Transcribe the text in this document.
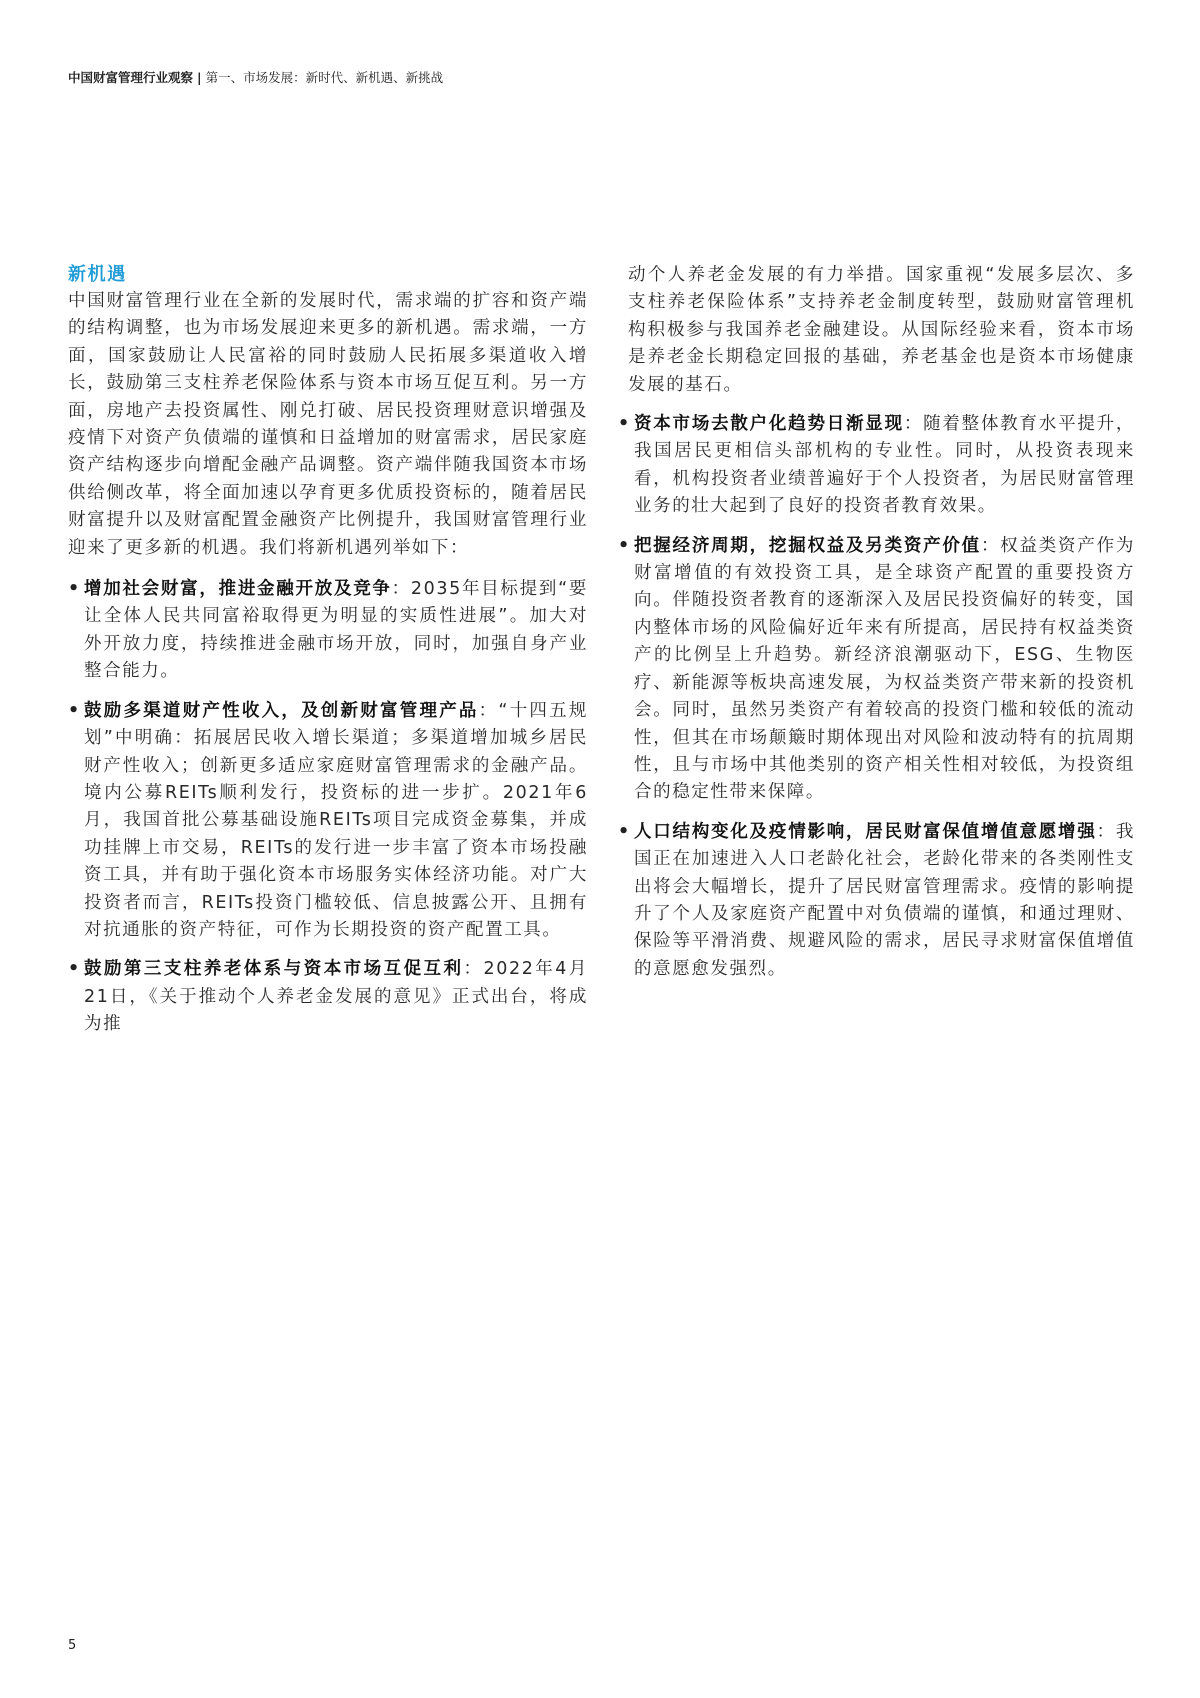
中国财富管理行业观察 | 第一、市场发展：新时代、新机遇、新挑战
新机遇

中国财富管理行业在全新的发展时代，需求端的扩容和资产端的结构调整，也为市场发展迎来更多的新机遇。需求端，一方面，国家鼓励让人民富裕的同时鼓励人民拓展多渠道收入增长，鼓励第三支柱养老保险体系与资本市场互促互利。另一方面，房地产去投资属性、刚兑打破、居民投资理财意识增强及疫情下对资产负债端的谨慎和日益增加的财富需求，居民家庭资产结构逐步向增配金融产品调整。资产端伴随我国资本市场供给侧改革，将全面加速以孕育更多优质投资标的，随着居民财富提升以及财富配置金融资产比例提升，我国财富管理行业迎来了更多新的机遇。我们将新机遇列举如下：

• 增加社会财富，推进金融开放及竞争：2035年目标提到“要让全体人民共同富裕取得更为明显的实质性进展”。加大对外开放力度，持续推进金融市场开放，同时，加强自身产业整合能力。
• 鼓励多渠道财产性收入，及创新财富管理产品：“十四五规划”中明确：拓展居民收入增长渠道；多渠道增加城乡居民财产性收入；创新更多适应家庭财富管理需求的金融产品。境内公募REITs顺利发行，投资标的进一步扩。2021年6月，我国首批公募基础设施REITs项目完成资金募集，并成功挂牌上市交易，REITs的发行进一步丰富了资本市场投融资工具，并有助于强化资本市场服务实体经济功能。对广大投资者而言，REITs投资门槛较低、信息披露公开、且拥有对抗通胀的资产特征，可作为长期投资的资产配置工具。
• 鼓励第三支柱养老体系与资本市场互促互利：2022年4月21日，《关于推动个人养老金发展的意见》正式出台，将成为推

动个人养老金发展的有力举措。国家重视“发展多层次、多支柱养老保险体系”支持养老金制度转型，鼓励财富管理机构积极参与我国养老金融建设。从国际经验来看，资本市场是养老金长期稳定回报的基础，养老基金也是资本市场健康发展的基石。

• 资本市场去散户化趋势日渐显现：随着整体教育水平提升，我国居民更相信头部机构的专业性。同时，从投资表现来看，机构投资者业绩普遍好于个人投资者，为居民财富管理业务的壮大起到了良好的投资者教育效果。
• 把握经济周期，挖掘权益及另类资产价值：权益类资产作为财富增值的有效投资工具，是全球资产配置的重要投资方向。伴随投资者教育的逐渐深入及居民投资偏好的转变，国内整体市场的风险偏好近年来有所提高，居民持有权益类资产的比例呈上升趋势。新经济浪潮驱动下，ESG、生物医疗、新能源等板块高速发展，为权益类资产带来新的投资机会。同时，虽然另类资产有着较高的投资门槛和较低的流动性，但其在市场颠簸时期体现出对风险和波动特有的抗周期性，且与市场中其他类别的资产相关性相对较低，为投资组合的稳定性带来保障。
• 人口结构变化及疫情影响，居民财富保值增值意愿增强：我国正在加速进入人口老龄化社会，老龄化带来的各类刚性支出将会大幅增长，提升了居民财富管理需求。疫情的影响提升了个人及家庭资产配置中对负债端的谨慎，和通过理财、保险等平滑消费、规避风险的需求，居民寻求财富保值增值的意愿愈发强烈。
5
